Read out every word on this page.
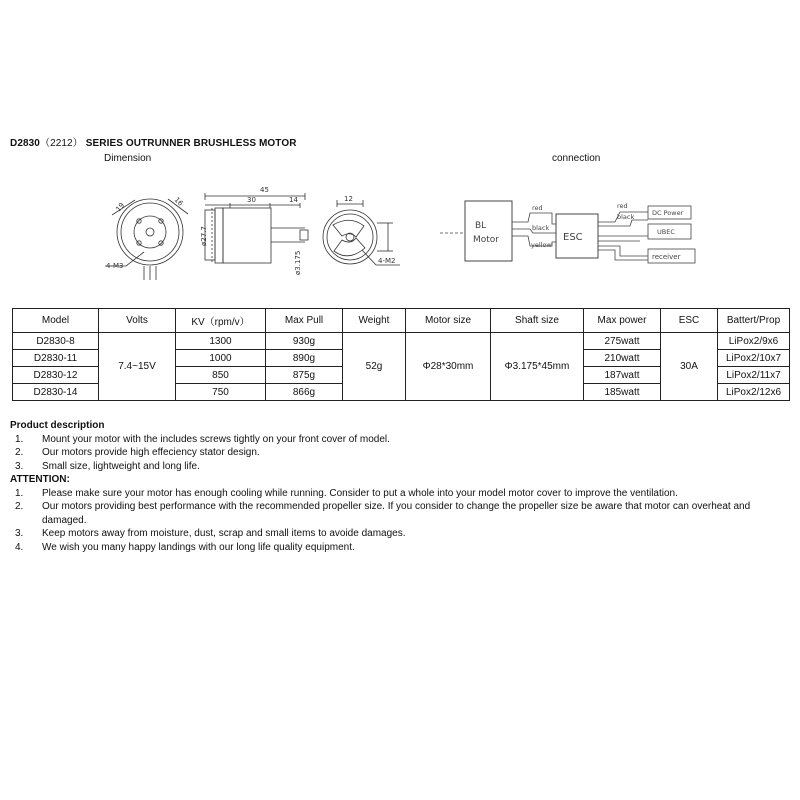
D2830（2212） SERIES OUTRUNNER BRUSHLESS MOTOR
Dimension	connection
19	16
4-M3
45
30	14
ø27.7
12
ø3.175	4-M2
BL
Motor
red
black
yellow
ESC
red
black	DC Power
UBEC
receiver
Model	Volts	KV（rpm/v）	Max Pull	Weight	Motor size	Shaft size	Max power	ESC	Battert/Prop
D2830-8	7.4~15V	1300	930g	52g	Φ28*30mm	Φ3.175*45mm	275watt	30A	LiPox2/9x6
D2830-11		1000	890g				210watt		LiPox2/10x7
D2830-12		850	875g				187watt		LiPox2/11x7
D2830-14		750	866g				185watt		LiPox2/12x6
Product description
1. Mount your motor with the includes screws tightly on your front cover of model.
2. Our motors provide high effeciency stator design.
3. Small size, lightweight and long life.
ATTENTION:
1. Please make sure your motor has enough cooling while running. Consider to put a whole into your model motor cover to improve the ventilation.
2. Our motors providing best performance with the recommended propeller size. If you consider to change the propeller size be aware that motor can overheat and damaged.
3. Keep motors away from moisture, dust, scrap and small items to avoide damages.
4. We wish you many happy landings with our long life quality equipment.
